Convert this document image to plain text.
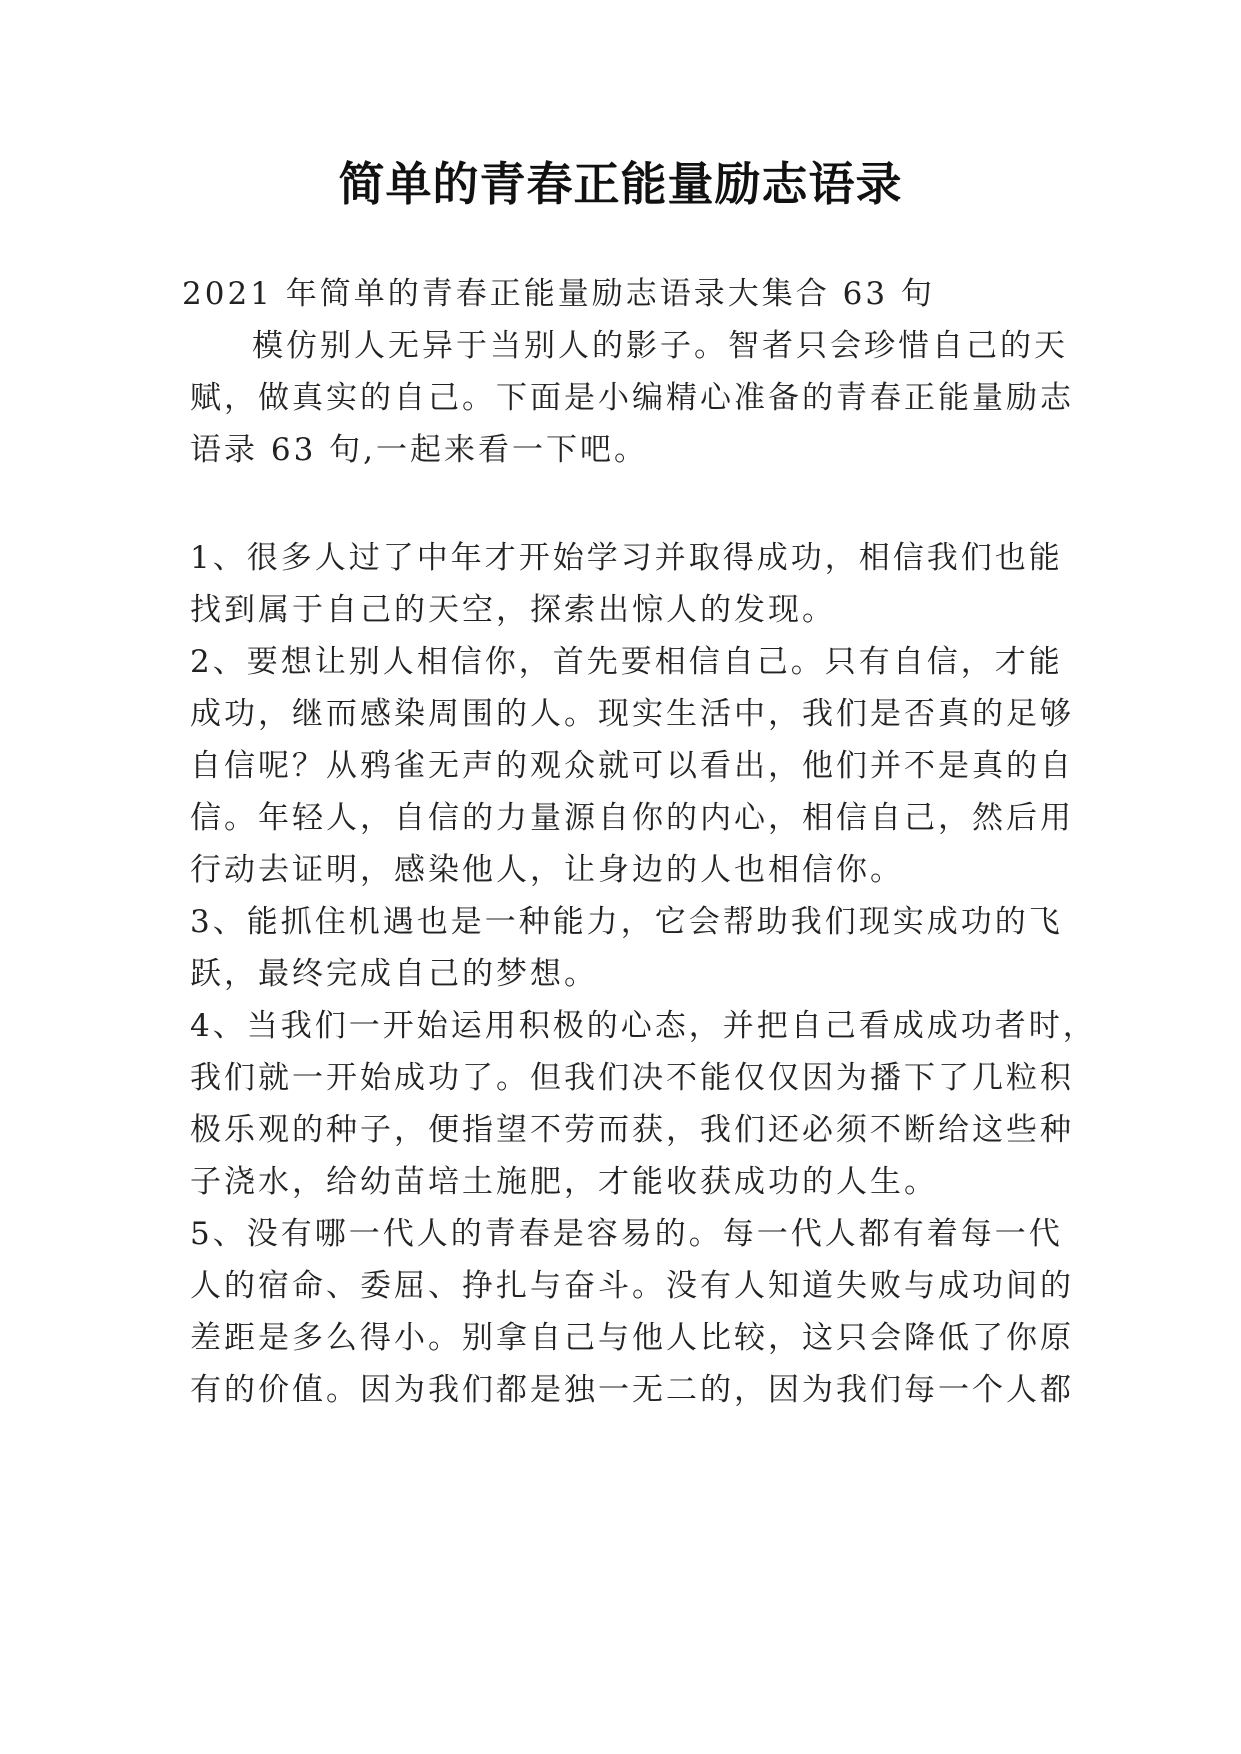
简单的青春正能量励志语录
2021 年简单的青春正能量励志语录大集合 63 句
模仿别人无异于当别人的影子。智者只会珍惜自己的天
赋，做真实的自己。下面是小编精心准备的青春正能量励志
语录 63 句,一起来看一下吧。
1、很多人过了中年才开始学习并取得成功，相信我们也能
找到属于自己的天空，探索出惊人的发现。
2、要想让别人相信你，首先要相信自己。只有自信，才能
成功，继而感染周围的人。现实生活中，我们是否真的足够
自信呢？从鸦雀无声的观众就可以看出，他们并不是真的自
信。年轻人，自信的力量源自你的内心，相信自己，然后用
行动去证明，感染他人，让身边的人也相信你。
3、能抓住机遇也是一种能力，它会帮助我们现实成功的飞
跃，最终完成自己的梦想。
4、当我们一开始运用积极的心态，并把自己看成成功者时，
我们就一开始成功了。但我们决不能仅仅因为播下了几粒积
极乐观的种子，便指望不劳而获，我们还必须不断给这些种
子浇水，给幼苗培土施肥，才能收获成功的人生。
5、没有哪一代人的青春是容易的。每一代人都有着每一代
人的宿命、委屈、挣扎与奋斗。没有人知道失败与成功间的
差距是多么得小。别拿自己与他人比较，这只会降低了你原
有的价值。因为我们都是独一无二的，因为我们每一个人都
